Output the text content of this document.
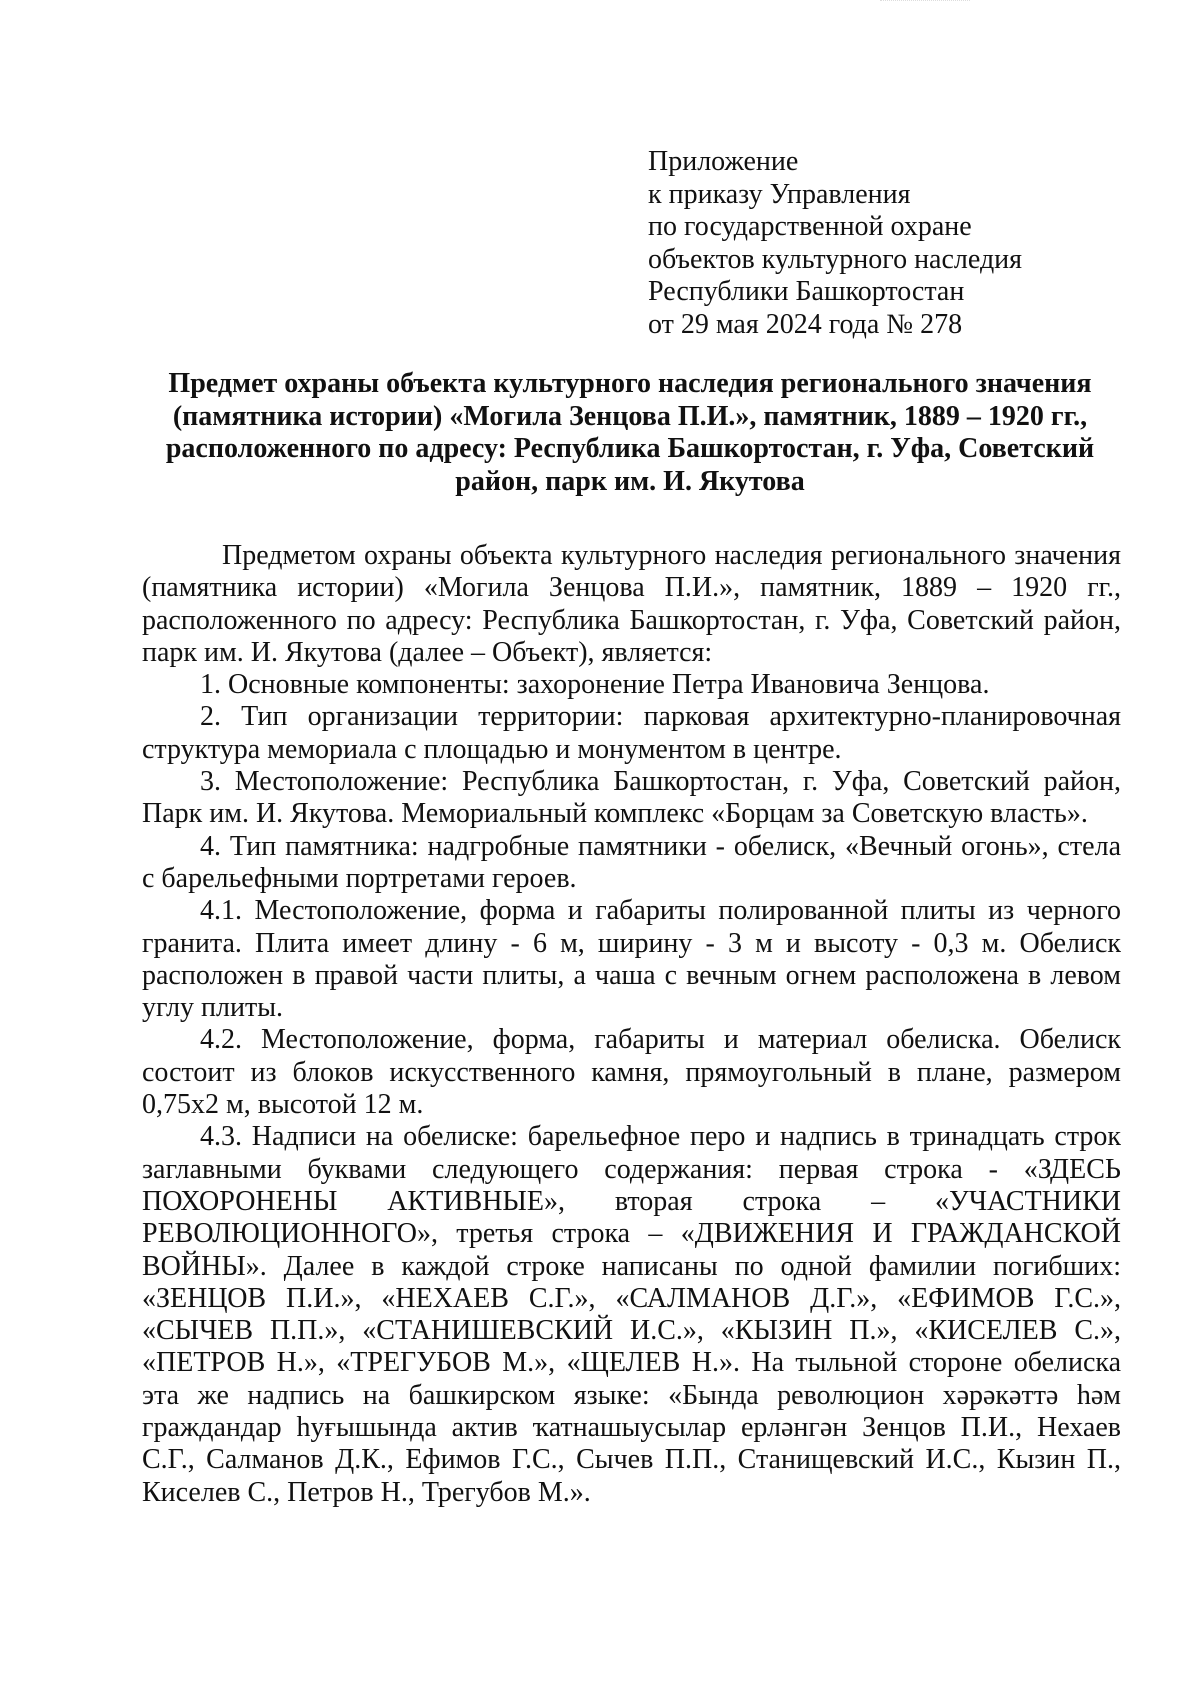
Приложение
к приказу Управления
по государственной охране
объектов культурного наследия
Республики Башкортостан
от 29 мая 2024 года № 278
Предмет охраны объекта культурного наследия регионального значения
(памятника истории) «Могила Зенцова П.И.», памятник, 1889 – 1920 гг.,
расположенного по адресу: Республика Башкортостан, г. Уфа, Советский
район, парк им. И. Якутова

Предметом охраны объекта культурного наследия регионального значения (памятника истории) «Могила Зенцова П.И.», памятник, 1889 – 1920 гг., расположенного по адресу: Республика Башкортостан, г. Уфа, Советский район, парк им. И. Якутова (далее – Объект), является:

1. Основные компоненты: захоронение Петра Ивановича Зенцова.

2. Тип организации территории: парковая архитектурно-планировочная структура мемориала с площадью и монументом в центре.

3. Местоположение: Республика Башкортостан, г. Уфа, Советский район, Парк им. И. Якутова. Мемориальный комплекс «Борцам за Советскую власть».

4. Тип памятника: надгробные памятники - обелиск, «Вечный огонь», стела с барельефными портретами героев.

4.1. Местоположение, форма и габариты полированной плиты из черного гранита. Плита имеет длину - 6 м, ширину - 3 м и высоту - 0,3 м. Обелиск расположен в правой части плиты, а чаша с вечным огнем расположена в левом углу плиты.

4.2. Местоположение, форма, габариты и материал обелиска. Обелиск состоит из блоков искусственного камня, прямоугольный в плане, размером 0,75х2 м, высотой 12 м.

4.3. Надписи на обелиске: барельефное перо и надпись в тринадцать строк заглавными буквами следующего содержания: первая строка - «ЗДЕСЬ ПОХОРОНЕНЫ АКТИВНЫЕ», вторая строка – «УЧАСТНИКИ РЕВОЛЮЦИОННОГО», третья строка – «ДВИЖЕНИЯ И ГРАЖДАНСКОЙ ВОЙНЫ». Далее в каждой строке написаны по одной фамилии погибших: «ЗЕНЦОВ П.И.», «НЕХАЕВ С.Г.», «САЛМАНОВ Д.Г.», «ЕФИМОВ Г.С.», «СЫЧЕВ П.П.», «СТАНИШЕВСКИЙ И.С.», «КЫЗИН П.», «КИСЕЛЕВ С.», «ПЕТРОВ Н.», «ТРЕГУБОВ М.», «ЩЕЛЕВ Н.». На тыльной стороне обелиска эта же надпись на башкирском языке: «Бында революцион хәрәкәттә һәм граждандар һуғышында актив ҡатнашыусылар ерләнгән Зенцов П.И., Нехаев С.Г., Салманов Д.К., Ефимов Г.С., Сычев П.П., Станищевский И.С., Кызин П., Киселев С., Петров Н., Трегубов М.».
